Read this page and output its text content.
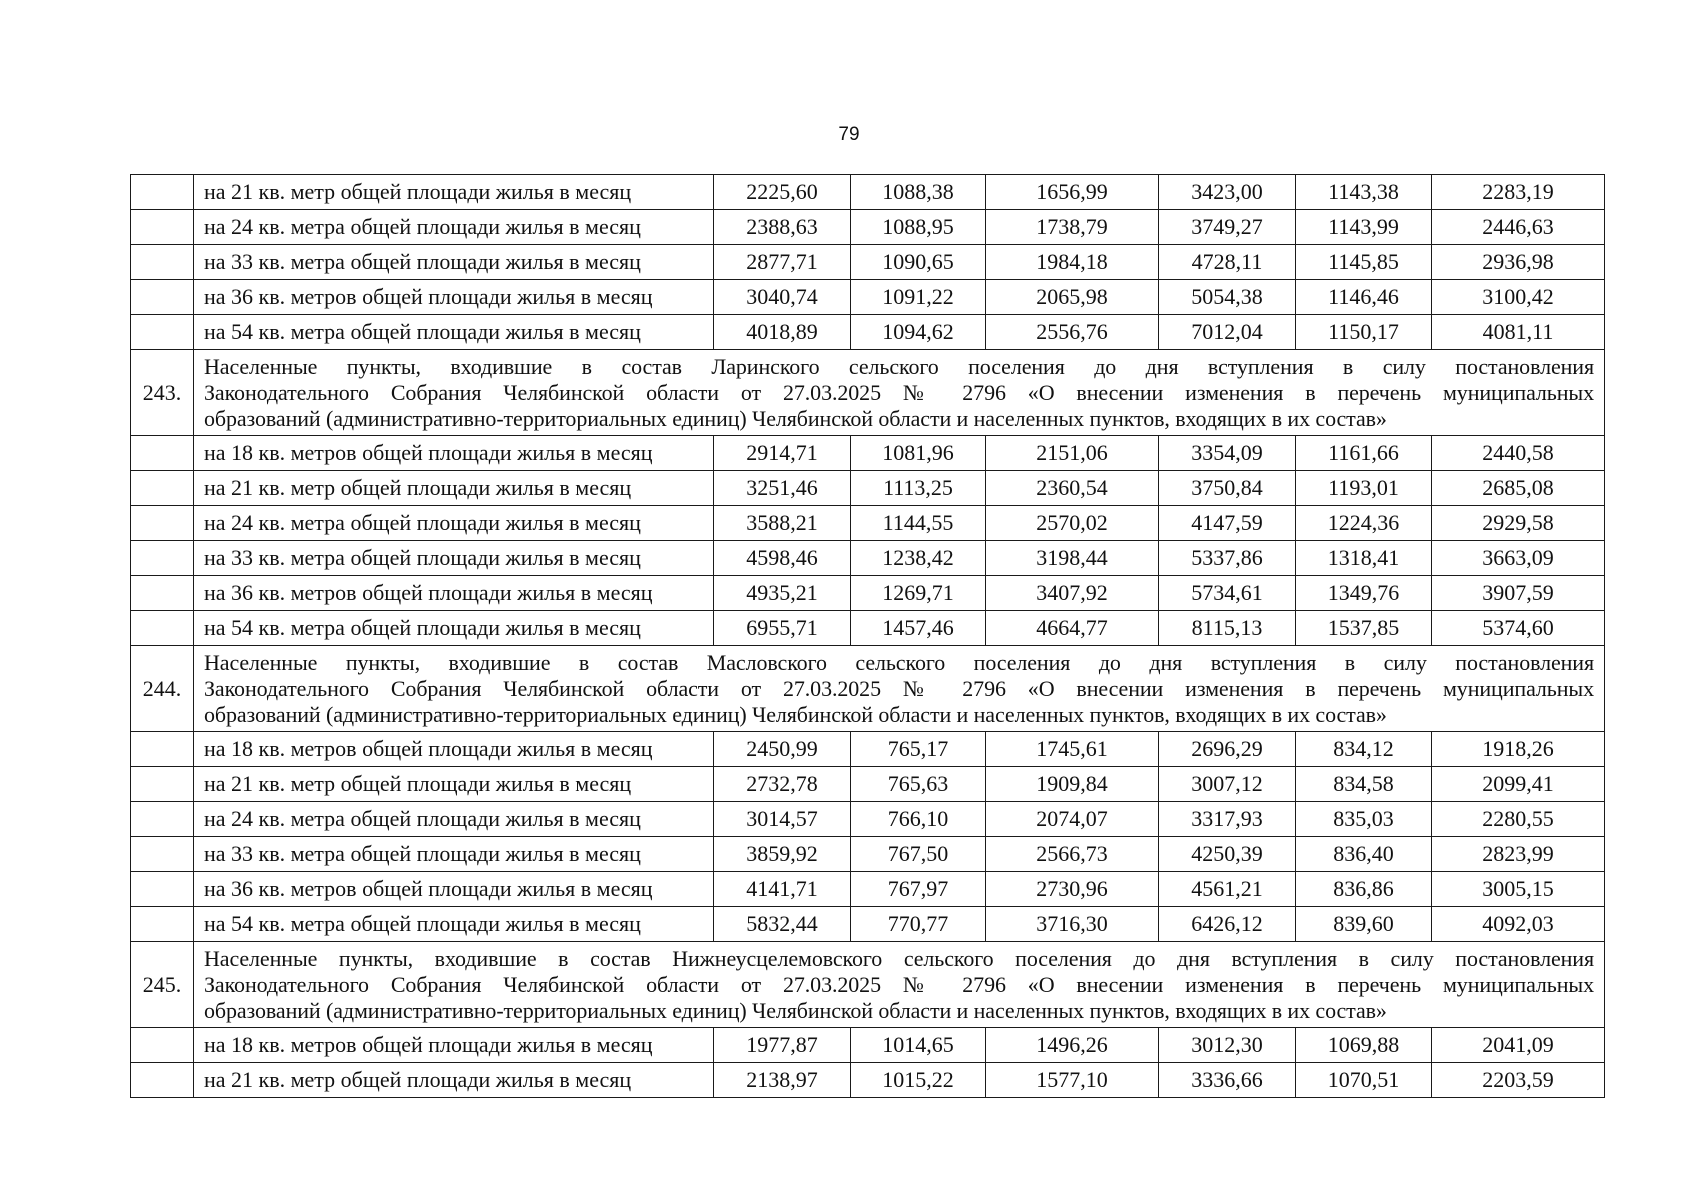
79
	на 21 кв. метр общей площади жилья в месяц	2225,60	1088,38	1656,99	3423,00	1143,38	2283,19
	на 24 кв. метра общей площади жилья в месяц	2388,63	1088,95	1738,79	3749,27	1143,99	2446,63
	на 33 кв. метра общей площади жилья в месяц	2877,71	1090,65	1984,18	4728,11	1145,85	2936,98
	на 36 кв. метров общей площади жилья в месяц	3040,74	1091,22	2065,98	5054,38	1146,46	3100,42
	на 54 кв. метра общей площади жилья в месяц	4018,89	1094,62	2556,76	7012,04	1150,17	4081,11
243.	Населенные пункты, входившие в состав Ларинского сельского поселения до дня вступления в силу постановления
Законодательного Собрания Челябинской области от 27.03.2025 № 2796 «О внесении изменения в перечень муниципальных
образований (административно-территориальных единиц) Челябинской области и населенных пунктов, входящих в их состав»						

	на 18 кв. метров общей площади жилья в месяц	2914,71	1081,96	2151,06	3354,09	1161,66	2440,58
	на 21 кв. метр общей площади жилья в месяц	3251,46	1113,25	2360,54	3750,84	1193,01	2685,08
	на 24 кв. метра общей площади жилья в месяц	3588,21	1144,55	2570,02	4147,59	1224,36	2929,58
	на 33 кв. метра общей площади жилья в месяц	4598,46	1238,42	3198,44	5337,86	1318,41	3663,09
	на 36 кв. метров общей площади жилья в месяц	4935,21	1269,71	3407,92	5734,61	1349,76	3907,59
	на 54 кв. метра общей площади жилья в месяц	6955,71	1457,46	4664,77	8115,13	1537,85	5374,60
244.	Населенные пункты, входившие в состав Масловского сельского поселения до дня вступления в силу постановления
Законодательного Собрания Челябинской области от 27.03.2025 № 2796 «О внесении изменения в перечень муниципальных
образований (административно-территориальных единиц) Челябинской области и населенных пунктов, входящих в их состав»						

	на 18 кв. метров общей площади жилья в месяц	2450,99	765,17	1745,61	2696,29	834,12	1918,26
	на 21 кв. метр общей площади жилья в месяц	2732,78	765,63	1909,84	3007,12	834,58	2099,41
	на 24 кв. метра общей площади жилья в месяц	3014,57	766,10	2074,07	3317,93	835,03	2280,55
	на 33 кв. метра общей площади жилья в месяц	3859,92	767,50	2566,73	4250,39	836,40	2823,99
	на 36 кв. метров общей площади жилья в месяц	4141,71	767,97	2730,96	4561,21	836,86	3005,15
	на 54 кв. метра общей площади жилья в месяц	5832,44	770,77	3716,30	6426,12	839,60	4092,03
245.	Населенные пункты, входившие в состав Нижнеусцелемовского сельского поселения до дня вступления в силу постановления
Законодательного Собрания Челябинской области от 27.03.2025 № 2796 «О внесении изменения в перечень муниципальных
образований (административно-территориальных единиц) Челябинской области и населенных пунктов, входящих в их состав»						

	на 18 кв. метров общей площади жилья в месяц	1977,87	1014,65	1496,26	3012,30	1069,88	2041,09
	на 21 кв. метр общей площади жилья в месяц	2138,97	1015,22	1577,10	3336,66	1070,51	2203,59
